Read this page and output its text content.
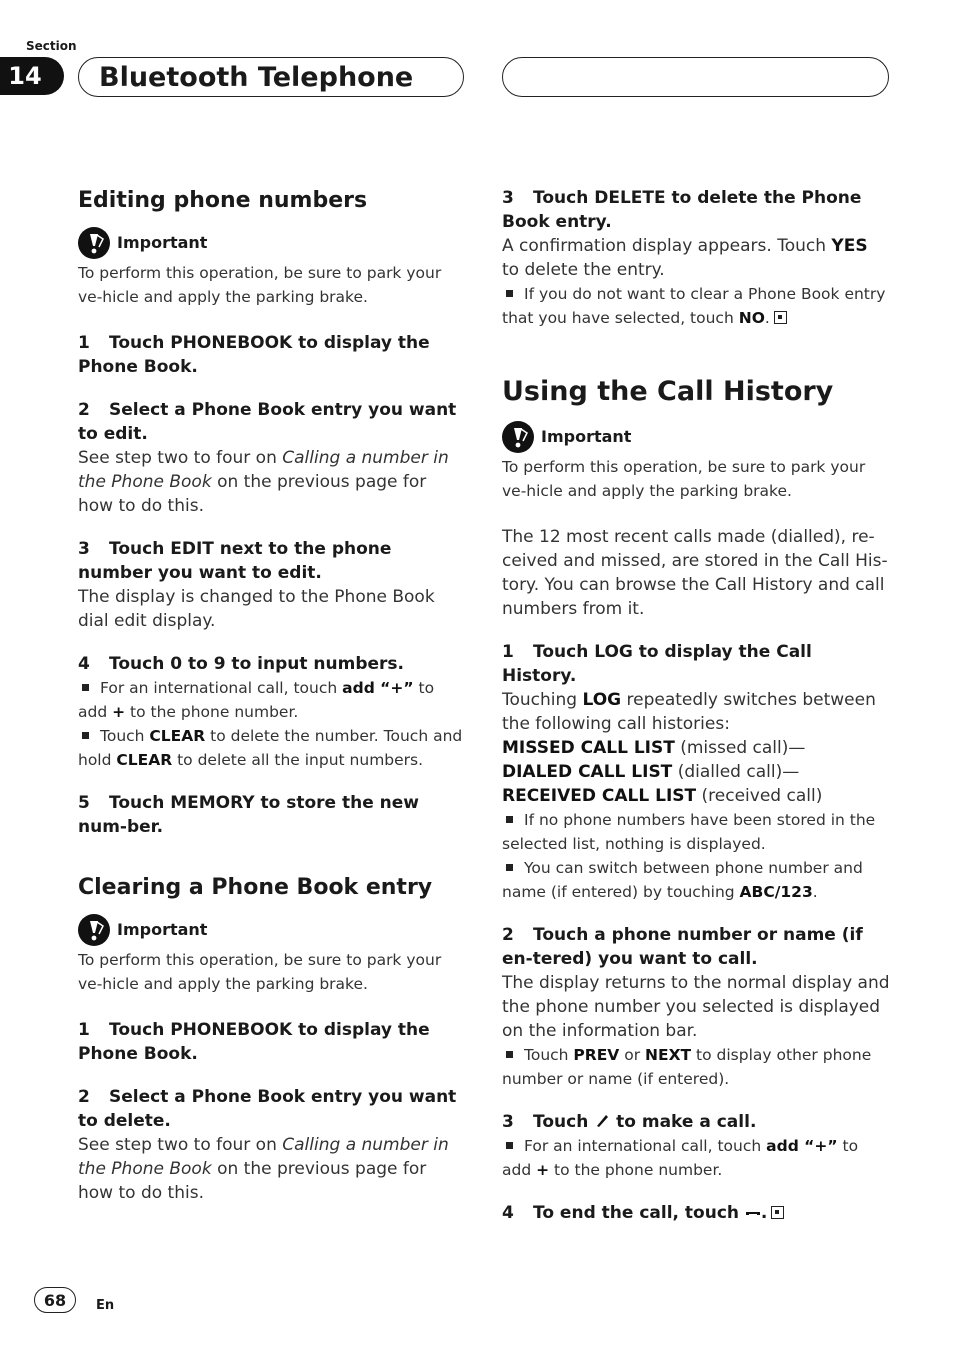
Section
14	Bluetooth Telephone
Editing phone numbers
Important

To perform this operation, be sure to park your ve-hicle and apply the parking brake.

1 Touch PHONEBOOK to display the Phone Book.

2 Select a Phone Book entry you want to edit.

See step two to four on Calling a number in the Phone Book on the previous page for how to do this.

3 Touch EDIT next to the phone number you want to edit.

The display is changed to the Phone Book dial edit display.

4 Touch 0 to 9 to input numbers.

For an international call, touch add “+” to add + to the phone number.

Touch CLEAR to delete the number. Touch and hold CLEAR to delete all the input numbers.

5 Touch MEMORY to store the new num-ber.

Clearing a Phone Book entry
Important

To perform this operation, be sure to park your ve-hicle and apply the parking brake.

1 Touch PHONEBOOK to display the Phone Book.

2 Select a Phone Book entry you want to delete.

See step two to four on Calling a number in the Phone Book on the previous page for how to do this.

3 Touch DELETE to delete the Phone Book entry.

A confirmation display appears. Touch YES to delete the entry.

If you do not want to clear a Phone Book entry that you have selected, touch NO.

Using the Call History
Important

To perform this operation, be sure to park your ve-hicle and apply the parking brake.

The 12 most recent calls made (dialled), re-ceived and missed, are stored in the Call His-tory. You can browse the Call History and call numbers from it.

1 Touch LOG to display the Call History.

Touching LOG repeatedly switches between the following call histories:

MISSED CALL LIST (missed call)—

DIALED CALL LIST (dialled call)—

RECEIVED CALL LIST (received call)

If no phone numbers have been stored in the selected list, nothing is displayed.

You can switch between phone number and name (if entered) by touching ABC/123.

2 Touch a phone number or name (if en-tered) you want to call.

The display returns to the normal display and the phone number you selected is displayed on the information bar.

Touch PREV or NEXT to display other phone number or name (if entered).

3 Touch  to make a call.

For an international call, touch add “+” to add + to the phone number.

4 To end the call, touch .

68	En
